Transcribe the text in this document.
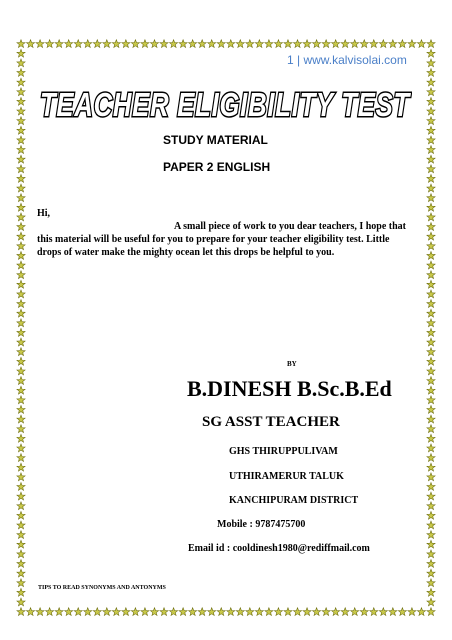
1 | www.kalvisolai.com
TEACHER ELIGIBILITY TEST
STUDY MATERIAL
PAPER 2 ENGLISH
Hi,
A small piece of work to you dear teachers, I hope that this material will be useful for you to prepare for your teacher eligibility test. Little drops of water make the mighty ocean let this drops be helpful to you.
BY
B.DINESH B.Sc.B.Ed
SG ASST TEACHER
GHS THIRUPPULIVAM
UTHIRAMERUR TALUK
KANCHIPURAM DISTRICT
Mobile : 9787475700
Email id : cooldinesh1980@rediffmail.com
TIPS TO READ SYNONYMS AND ANTONYMS
